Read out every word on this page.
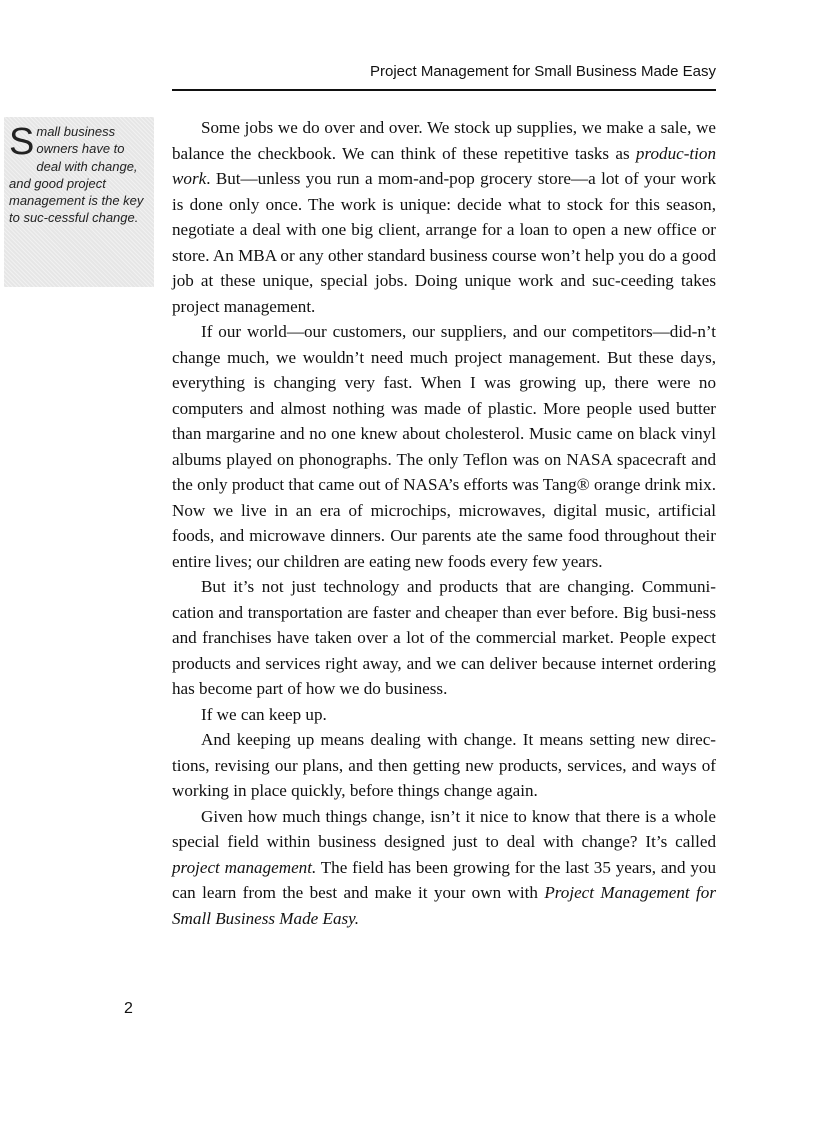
Project Management for Small Business Made Easy
Small business owners have to deal with change, and good project management is the key to suc-cessful change.

Some jobs we do over and over. We stock up supplies, we make a sale, we balance the checkbook. We can think of these repetitive tasks as produc-tion work. But—unless you run a mom-and-pop grocery store—a lot of your work is done only once. The work is unique: decide what to stock for this season, negotiate a deal with one big client, arrange for a loan to open a new office or store. An MBA or any other standard business course won’t help you do a good job at these unique, special jobs. Doing unique work and suc-ceeding takes project management.

If our world—our customers, our suppliers, and our competitors—did-n’t change much, we wouldn’t need much project management. But these days, everything is changing very fast. When I was growing up, there were no computers and almost nothing was made of plastic. More people used butter than margarine and no one knew about cholesterol. Music came on black vinyl albums played on phonographs. The only Teflon was on NASA spacecraft and the only product that came out of NASA’s efforts was Tang® orange drink mix. Now we live in an era of microchips, microwaves, digital music, artificial foods, and microwave dinners. Our parents ate the same food throughout their entire lives; our children are eating new foods every few years.

But it’s not just technology and products that are changing. Communi-cation and transportation are faster and cheaper than ever before. Big busi-ness and franchises have taken over a lot of the commercial market. People expect products and services right away, and we can deliver because internet ordering has become part of how we do business.

If we can keep up.

And keeping up means dealing with change. It means setting new direc-tions, revising our plans, and then getting new products, services, and ways of working in place quickly, before things change again.

Given how much things change, isn’t it nice to know that there is a whole special field within business designed just to deal with change? It’s called project management. The field has been growing for the last 35 years, and you can learn from the best and make it your own with Project Management for Small Business Made Easy.

2
